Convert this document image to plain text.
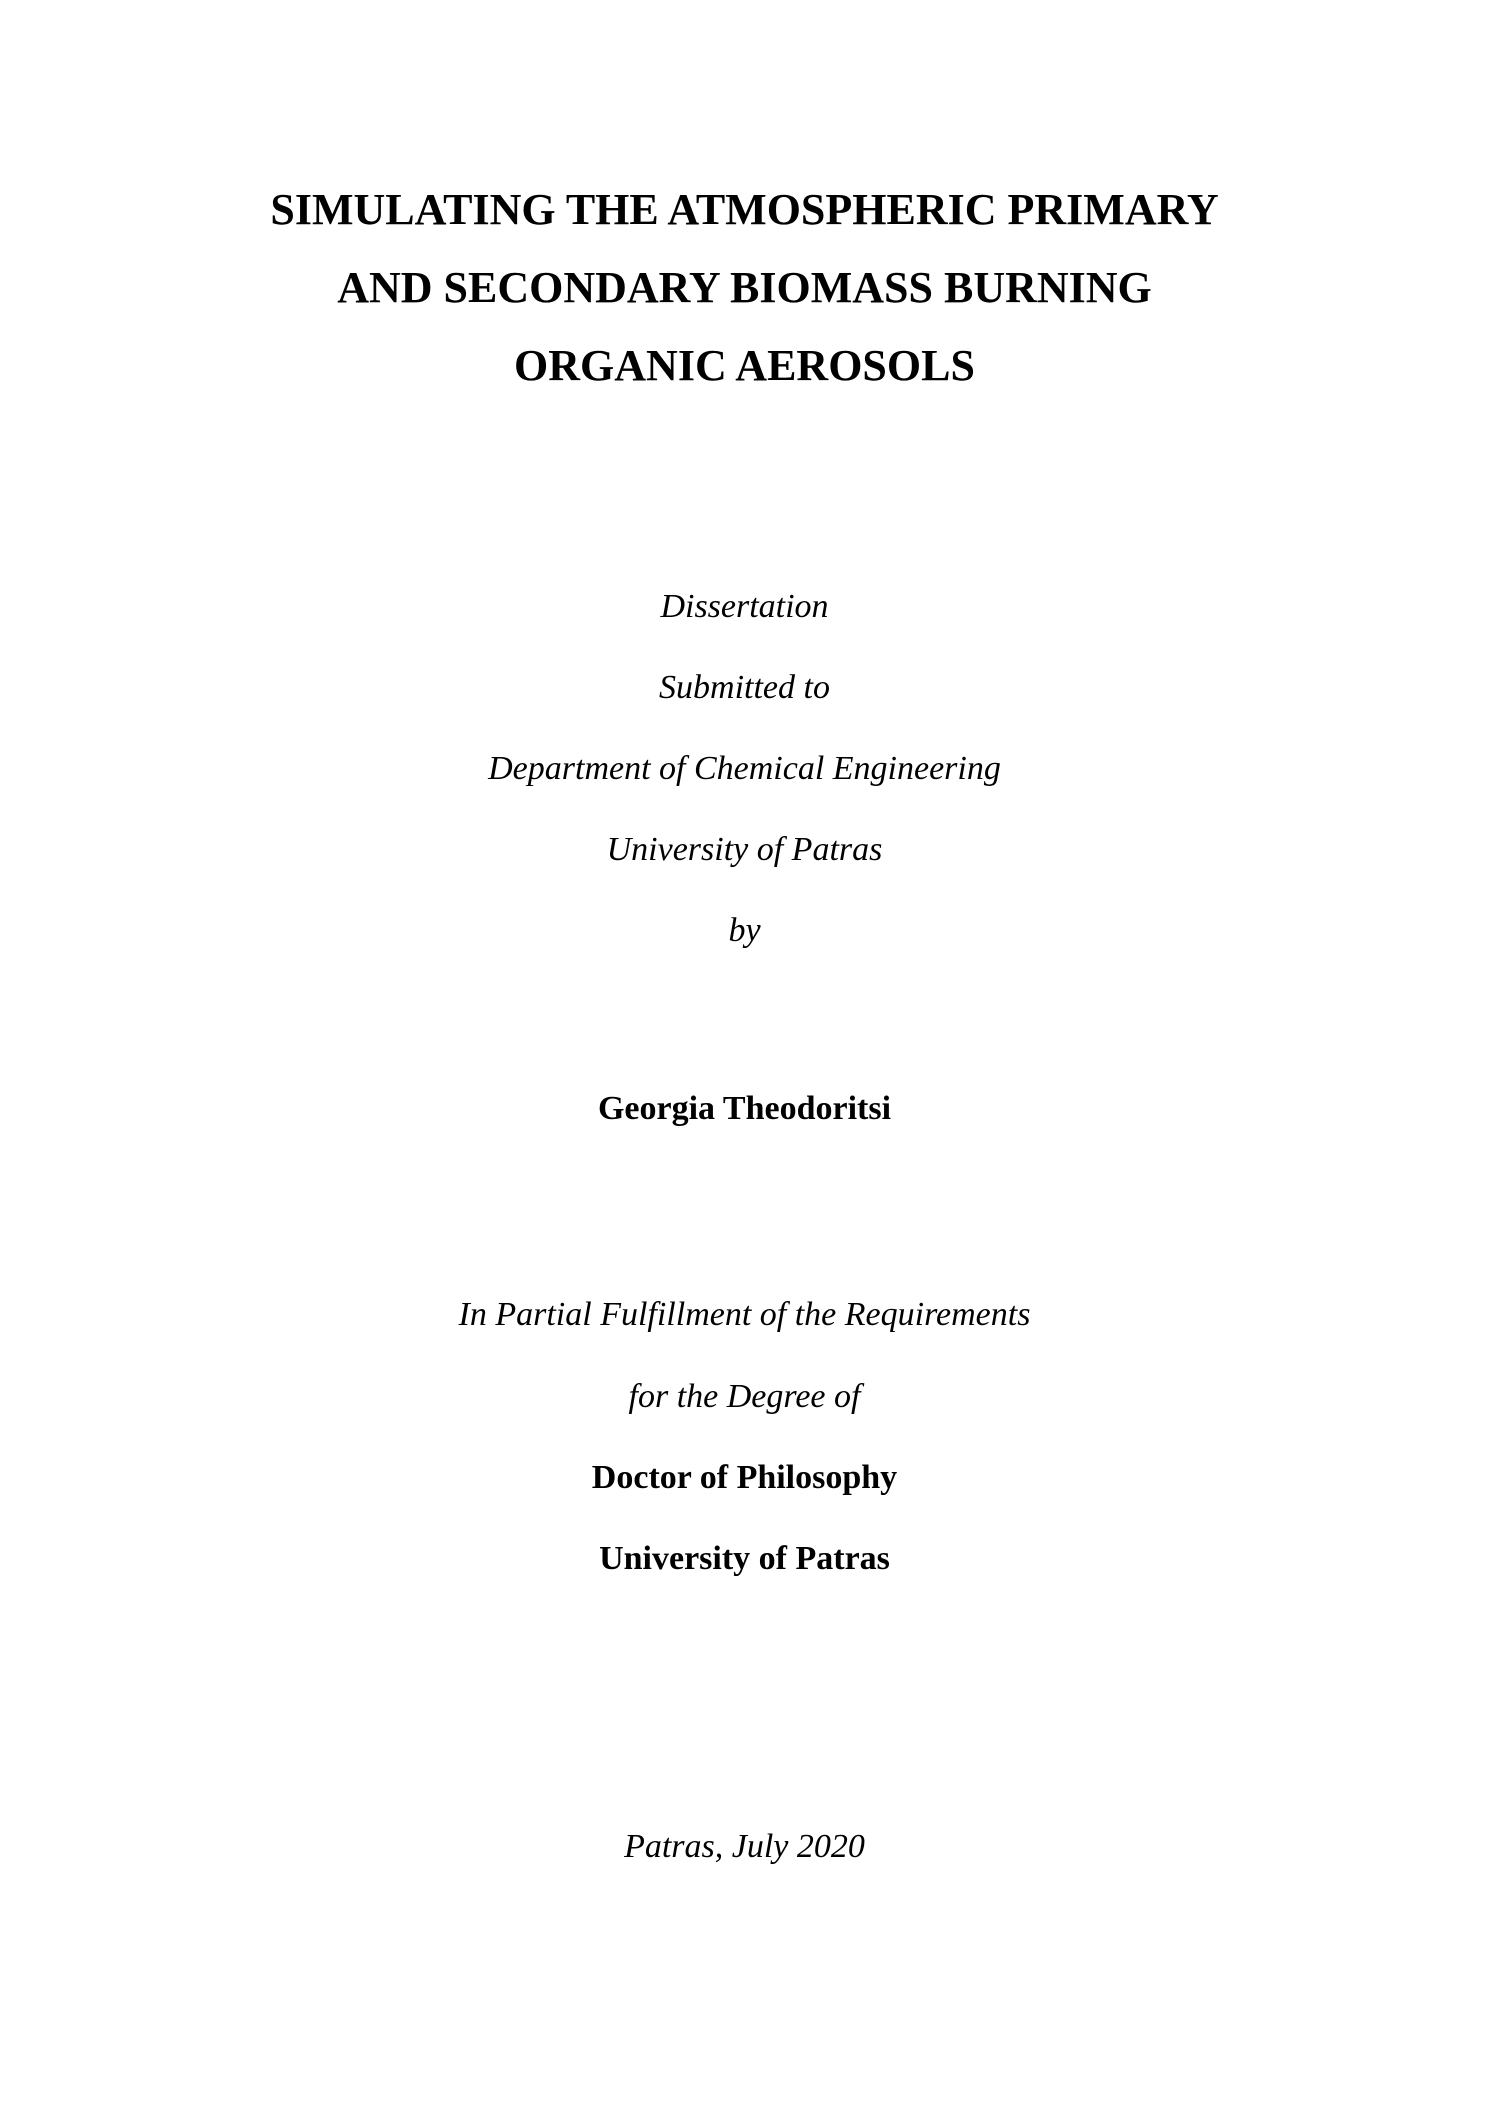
SIMULATING THE ATMOSPHERIC PRIMARY
AND SECONDARY BIOMASS BURNING
ORGANIC AEROSOLS
Dissertation
Submitted to
Department of Chemical Engineering
University of Patras
by
Georgia Theodoritsi
In Partial Fulfillment of the Requirements
for the Degree of
Doctor of Philosophy
University of Patras
Patras, July 2020
